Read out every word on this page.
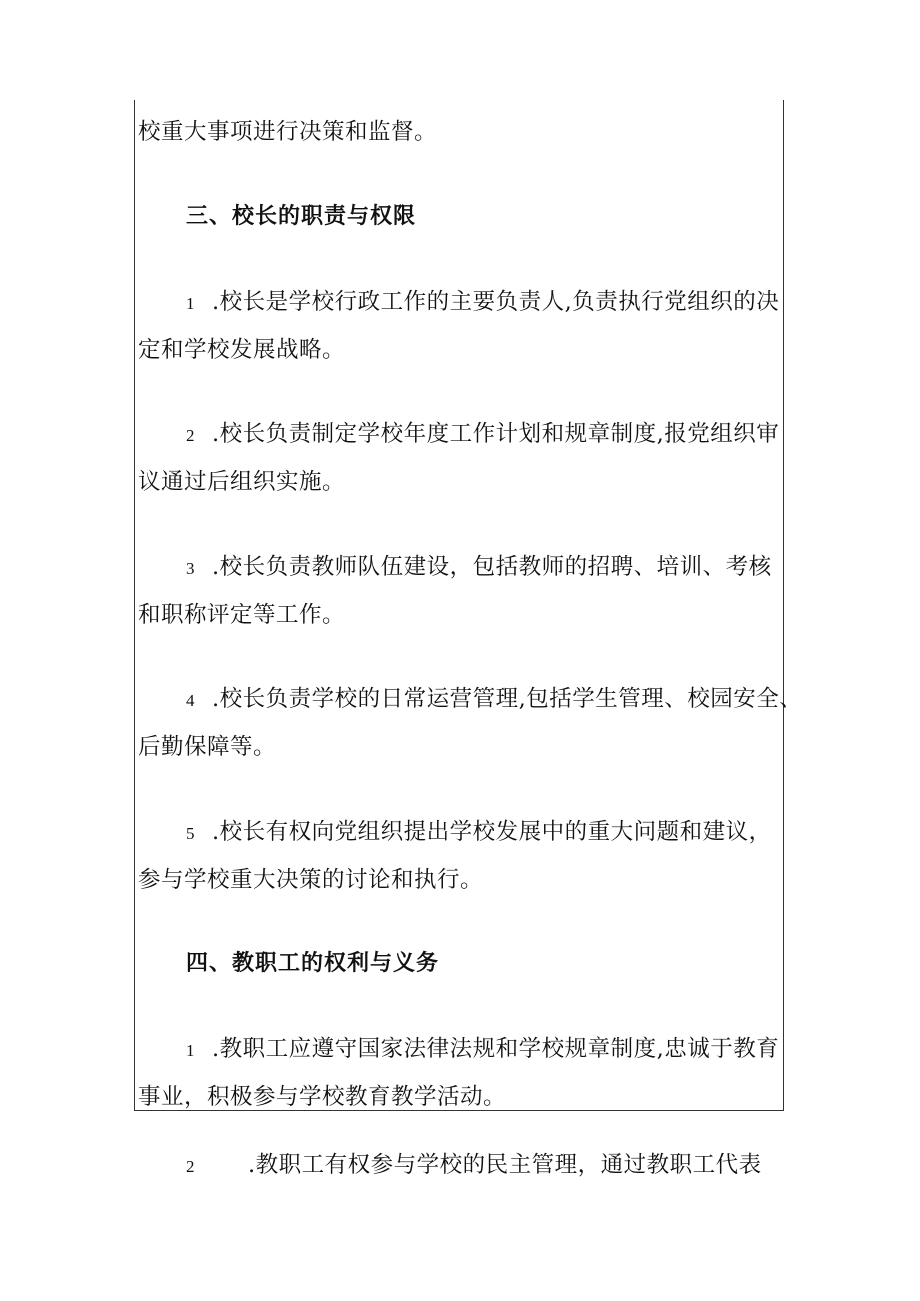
校重大事项进行决策和监督。
三、校长的职责与权限
1 .校长是学校行政工作的主要负责人,负责执行党组织的决
定和学校发展战略。
2 .校长负责制定学校年度工作计划和规章制度,报党组织审
议通过后组织实施。
3 .校长负责教师队伍建设，包括教师的招聘、培训、考核
和职称评定等工作。
4 .校长负责学校的日常运营管理,包括学生管理、校园安全、
后勤保障等。
5 .校长有权向党组织提出学校发展中的重大问题和建议，
参与学校重大决策的讨论和执行。
四、教职工的权利与义务
1 .教职工应遵守国家法律法规和学校规章制度,忠诚于教育
事业，积极参与学校教育教学活动。
2 .教职工有权参与学校的民主管理，通过教职工代表
